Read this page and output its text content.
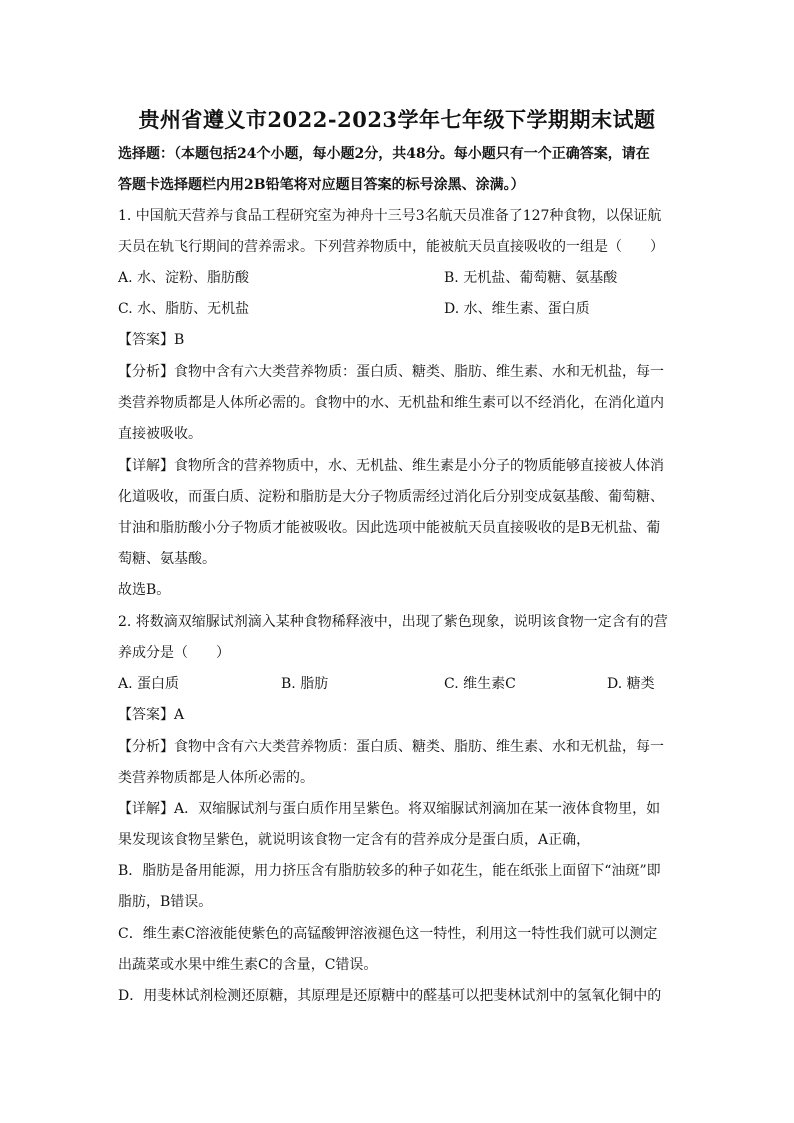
贵州省遵义市2022-2023学年七年级下学期期末试题
选择题：（本题包括24个小题，每小题2分，共48分。每小题只有一个正确答案，请在
答题卡选择题栏内用2B铅笔将对应题目答案的标号涂黑、涂满。）
1. 中国航天营养与食品工程研究室为神舟十三号3名航天员准备了127种食物，以保证航
天员在轨飞行期间的营养需求。下列营养物质中，能被航天员直接吸收的一组是（　　）
A. 水、淀粉、脂肪酸	B. 无机盐、葡萄糖、氨基酸
C. 水、脂肪、无机盐	D. 水、维生素、蛋白质
【答案】B
【分析】食物中含有六大类营养物质：蛋白质、糖类、脂肪、维生素、水和无机盐，每一
类营养物质都是人体所必需的。食物中的水、无机盐和维生素可以不经消化，在消化道内
直接被吸收。
【详解】食物所含的营养物质中，水、无机盐、维生素是小分子的物质能够直接被人体消
化道吸收，而蛋白质、淀粉和脂肪是大分子物质需经过消化后分别变成氨基酸、葡萄糖、
甘油和脂肪酸小分子物质才能被吸收。因此选项中能被航天员直接吸收的是B无机盐、葡
萄糖、氨基酸。
故选B。
2. 将数滴双缩脲试剂滴入某种食物稀释液中，出现了紫色现象，说明该食物一定含有的营
养成分是（　　）
A. 蛋白质	B. 脂肪	C. 维生素C	D. 糖类
【答案】A
【分析】食物中含有六大类营养物质：蛋白质、糖类、脂肪、维生素、水和无机盐，每一
类营养物质都是人体所必需的。
【详解】A．双缩脲试剂与蛋白质作用呈紫色。将双缩脲试剂滴加在某一液体食物里，如
果发现该食物呈紫色，就说明该食物一定含有的营养成分是蛋白质，A正确，
B．脂肪是备用能源，用力挤压含有脂肪较多的种子如花生，能在纸张上面留下“油斑”即
脂肪，B错误。
C．维生素C溶液能使紫色的高锰酸钾溶液褪色这一特性，利用这一特性我们就可以测定
出蔬菜或水果中维生素C的含量，C错误。
D．用斐林试剂检测还原糖，其原理是还原糖中的醛基可以把斐林试剂中的氢氧化铜中的
